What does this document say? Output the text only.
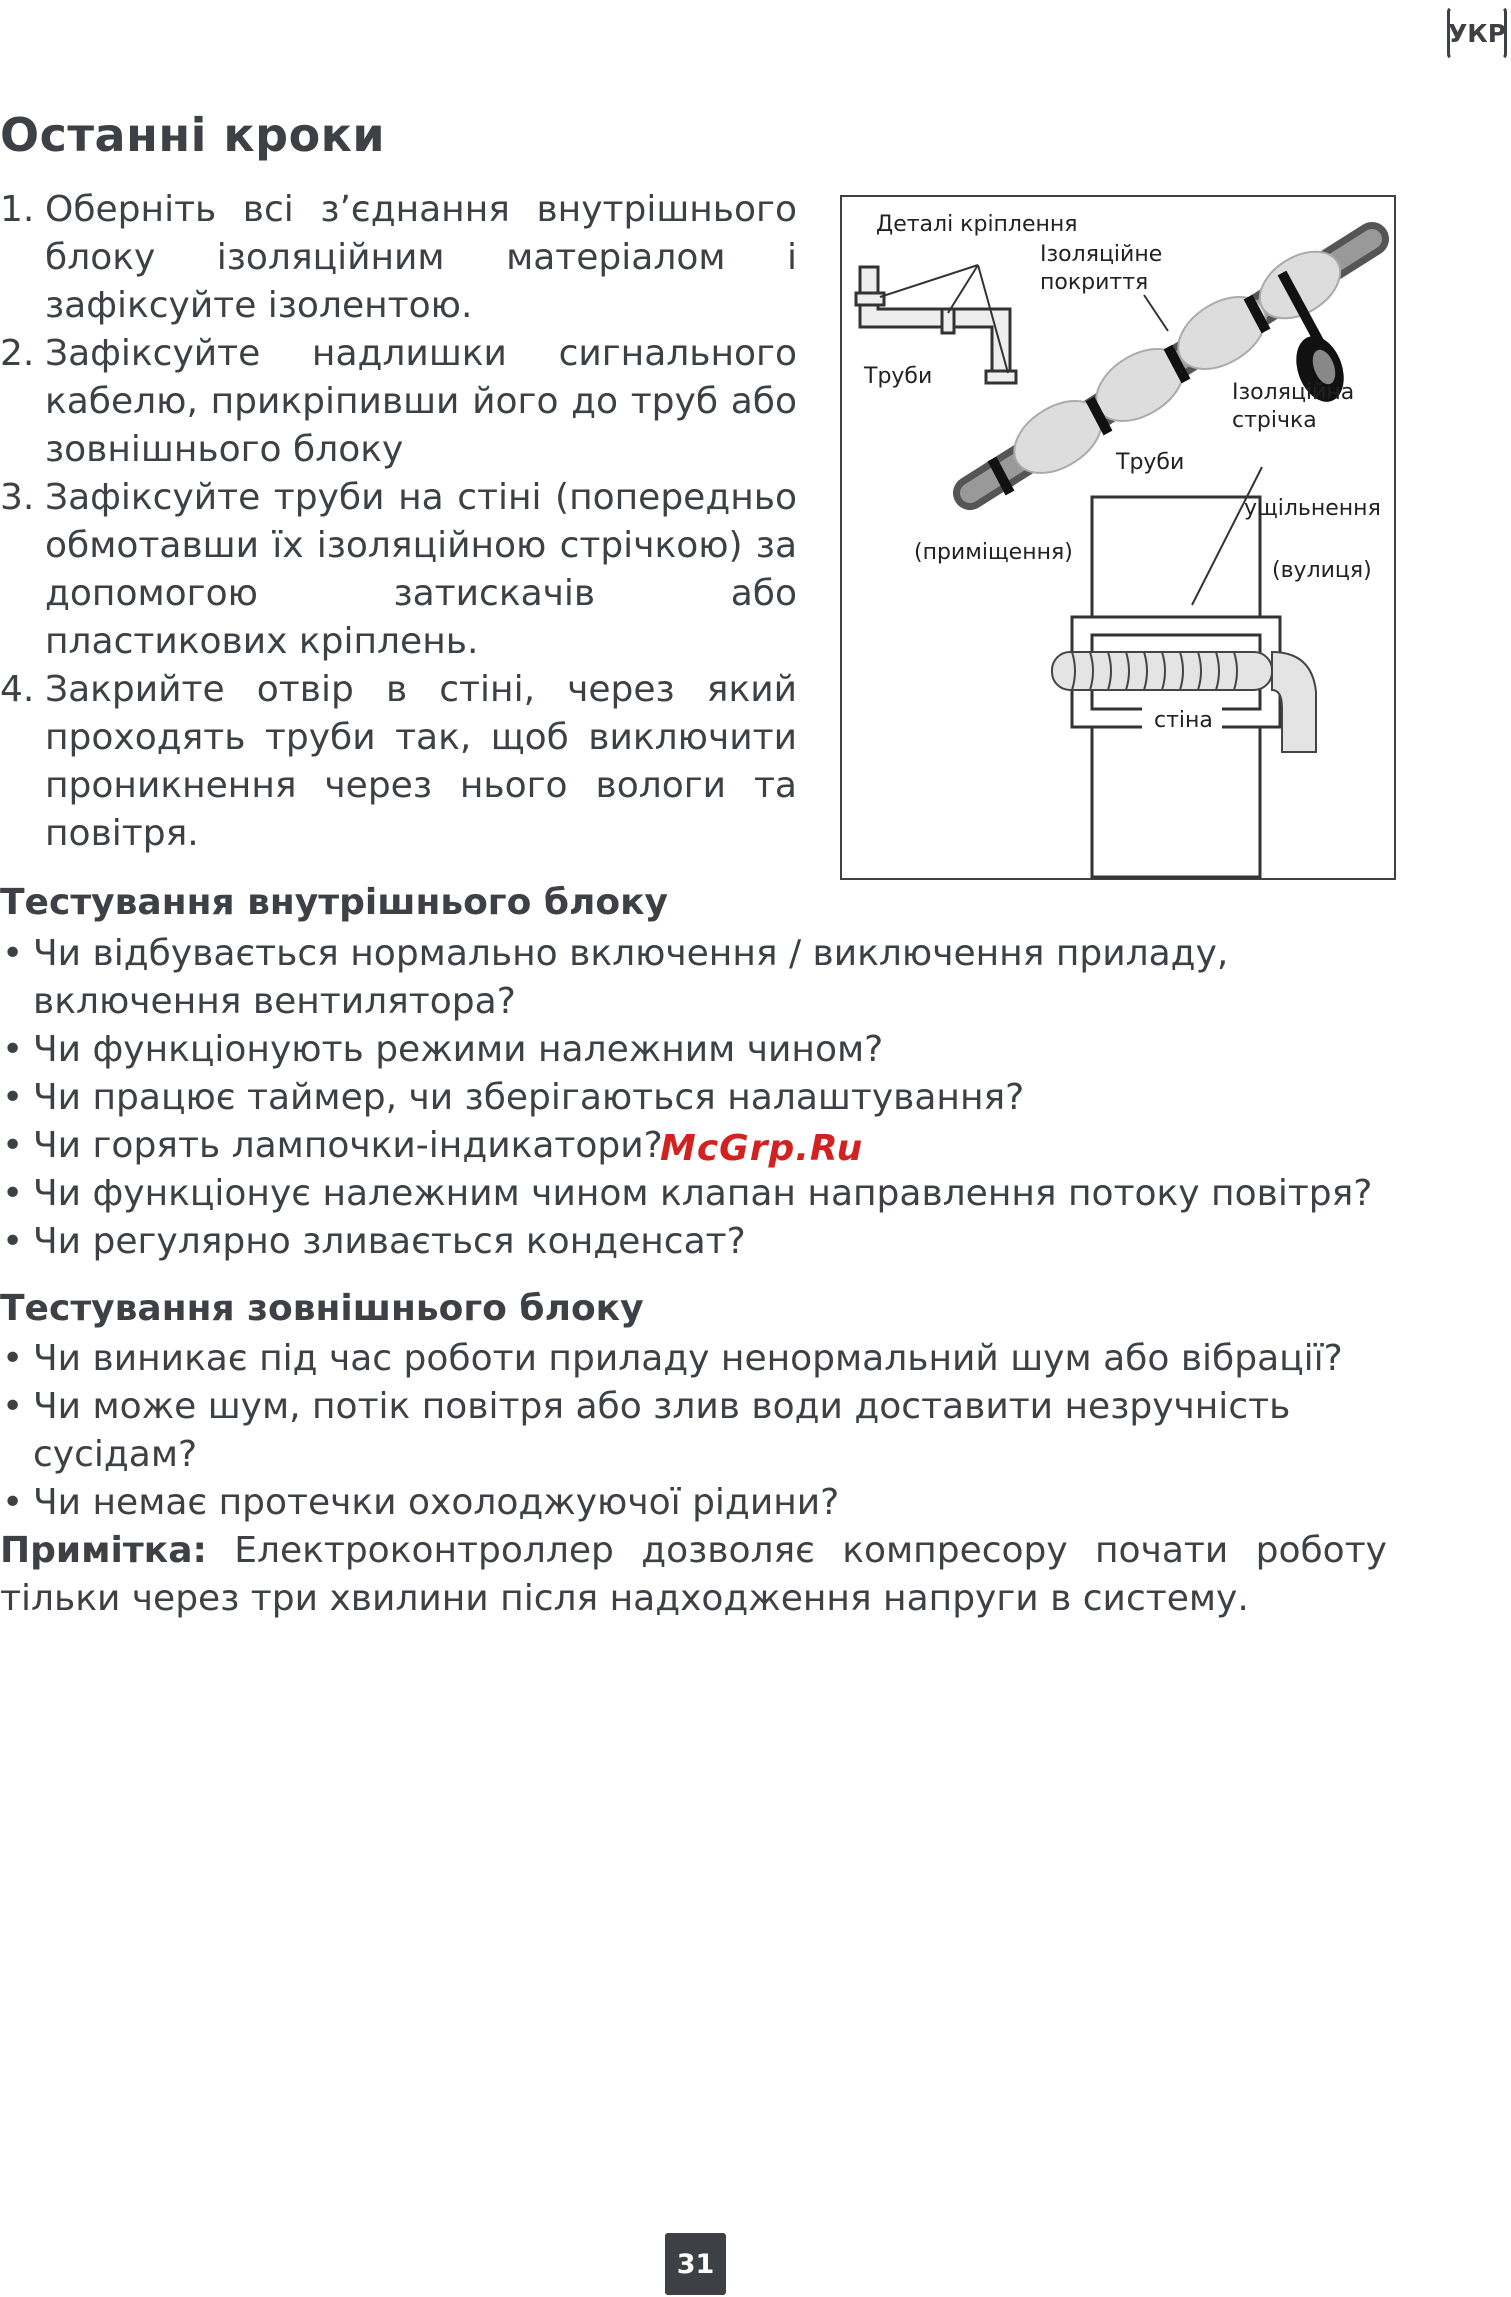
УКР
Останні кроки
1. Оберніть всі з’єднання внутрішнього блоку ізоляційним матеріалом і зафіксуйте ізолентою.
2. Зафіксуйте надлишки сигнального кабелю, прикріпивши його до труб або зовнішнього блоку
3. Зафіксуйте труби на стіні (попередньо обмотавши їх ізоляційною стрічкою) за допомогою затискачів або пластикових кріплень.
4. Закрийте отвір в стіні, через який проходять труби так, щоб виключити проникнення через нього вологи та повітря.
Деталі кріплення
Ізоляційне
покриття
Труби
Ізоляційна
стрічка
Труби
ущільнення
(приміщення)
(вулиця)
стіна
Тестування внутрішнього блоку
• Чи відбувається нормально включення / виключення приладу, включення вентилятора?
• Чи функціонують режими належним чином?
• Чи працює таймер, чи зберігаються налаштування?
• Чи горять лампочки-індикатори?
• Чи функціонує належним чином клапан направлення потоку повітря?
• Чи регулярно зливається конденсат?
McGrp.Ru
Тестування зовнішнього блоку
• Чи виникає під час роботи приладу ненормальний шум або вібрації?
• Чи може шум, потік повітря або злив води доставити незручність сусідам?
• Чи немає протечки охолоджуючої рідини?

Примітка: Електроконтроллер дозволяє компресору почати роботу тільки через три хвилини після надходження напруги в систему.

31
